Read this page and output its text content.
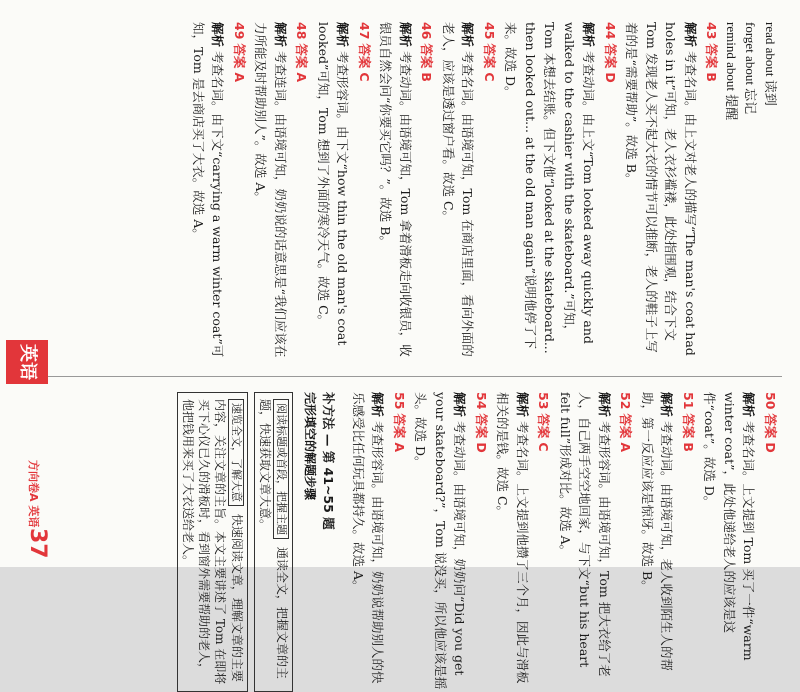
read about 读到

forget about 忘记

remind about 提醒

43 答案 B
解析 考查名词。由上文对老人的描写“The man's coat had holes in it”可知，老人衣衫褴褛，此处指围观，结合下文 Tom 发现老人买不起大衣的情节可以推断，老人的鞋子上写着的是“需要帮助”。故选 B。
44 答案 D
解析 考查动词。由上文“Tom looked away quickly and walked to the cashier with the skateboard.”可知，Tom 本想去结账。但下文他“looked at the skateboard... then looked out... at the old man again”说明他停了下来。故选 D。
45 答案 C
解析 考查名词。由语境可知，Tom 在商店里面，看向外面的老人，应该是透过窗户看。故选 C。
46 答案 B
解析 考查动词。由语境可知，Tom 拿着滑板走向收银员，收银员自然会问“你要买它吗？”。故选 B。
47 答案 C
解析 考查形容词。由下文“how thin the old man's coat looked”可知，Tom 想到了外面的寒冷天气。故选 C。
48 答案 A
解析 考查连词。由语境可知，奶奶说的话意思是“我们应该在力所能及时帮助别人”。故选 A。
49 答案 A
解析 考查名词。由下文“carrying a warm winter coat”可知，Tom 是去商店买了大衣。故选 A。
50 答案 D
解析 考查名词。上文提到 Tom 买了一件“warm winter coat”，此处他递给老人的应该是这件“coat”。故选 D。
51 答案 B
解析 考查动词。由语境可知，老人收到陌生人的帮助，第一反应应该是惊讶。故选 B。
52 答案 A
解析 考查形容词。由语境可知，Tom 把大衣给了老人，自己两手空空地回家，与下文“but his heart felt full”形成对比。故选 A。
53 答案 C
解析 考查名词。上文提到他攒了三个月，因此与滑板相关的是钱。故选 C。
54 答案 D
解析 考查动词。由语境可知，奶奶问“Did you get your skateboard?”，Tom 说没买，所以他应该是摇头。故选 D。
55 答案 A
解析 考查形容词。由语境可知，奶奶说帮助别人的快乐感受比任何玩具都持久。故选 A。
补方法 — 第 41~55 题
完形填空的解题步骤
阅读标题或首段，把握主题 通读全文，把握文章的主题，快速获取文章大意。
速览全文，了解大意 快速阅读文章，理解文章的主要内容，关注文章的主旨。本文主要讲述了 Tom 在即将买下心仪已久的滑板时，看到窗外需要帮助的老人，他把钱用来买了大衣送给老人。
英语
方向卷A 英语
37
